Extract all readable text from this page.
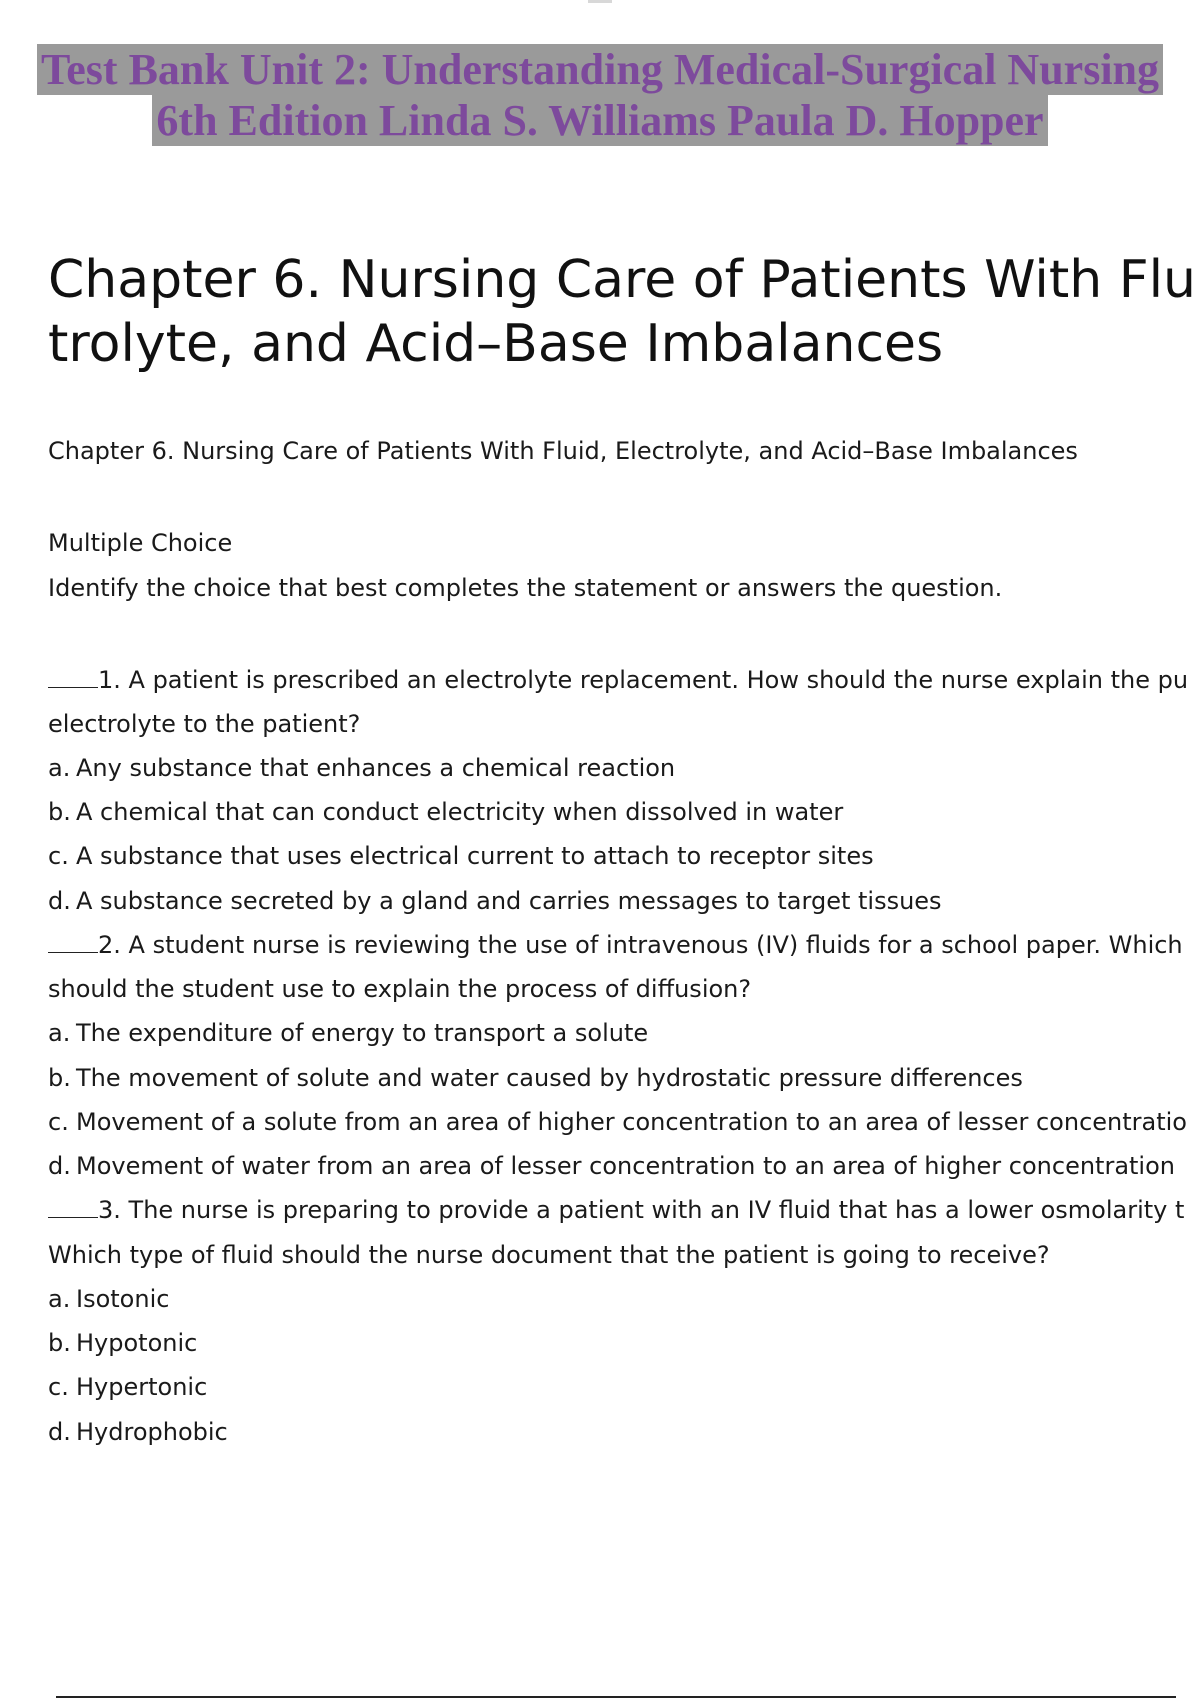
Test Bank Unit 2: Understanding Medical-Surgical Nursing
6th Edition Linda S. Williams Paula D. Hopper
Chapter 6. Nursing Care of Patients With Flu
trolyte, and Acid–Base Imbalances
Chapter 6. Nursing Care of Patients With Fluid, Electrolyte, and Acid–Base Imbalances
Multiple Choice
Identify the choice that best completes the statement or answers the question.
1. A patient is prescribed an electrolyte replacement. How should the nurse explain the pu
electrolyte to the patient?
a. Any substance that enhances a chemical reaction
b. A chemical that can conduct electricity when dissolved in water
c. A substance that uses electrical current to attach to receptor sites
d. A substance secreted by a gland and carries messages to target tissues
2. A student nurse is reviewing the use of intravenous (IV) ﬂuids for a school paper. Which
should the student use to explain the process of diﬀusion?
a. The expenditure of energy to transport a solute
b. The movement of solute and water caused by hydrostatic pressure diﬀerences
c. Movement of a solute from an area of higher concentration to an area of lesser concentratio
d. Movement of water from an area of lesser concentration to an area of higher concentration
3. The nurse is preparing to provide a patient with an IV ﬂuid that has a lower osmolarity t
Which type of ﬂuid should the nurse document that the patient is going to receive?
a. Isotonic
b. Hypotonic
c. Hypertonic
d. Hydrophobic
